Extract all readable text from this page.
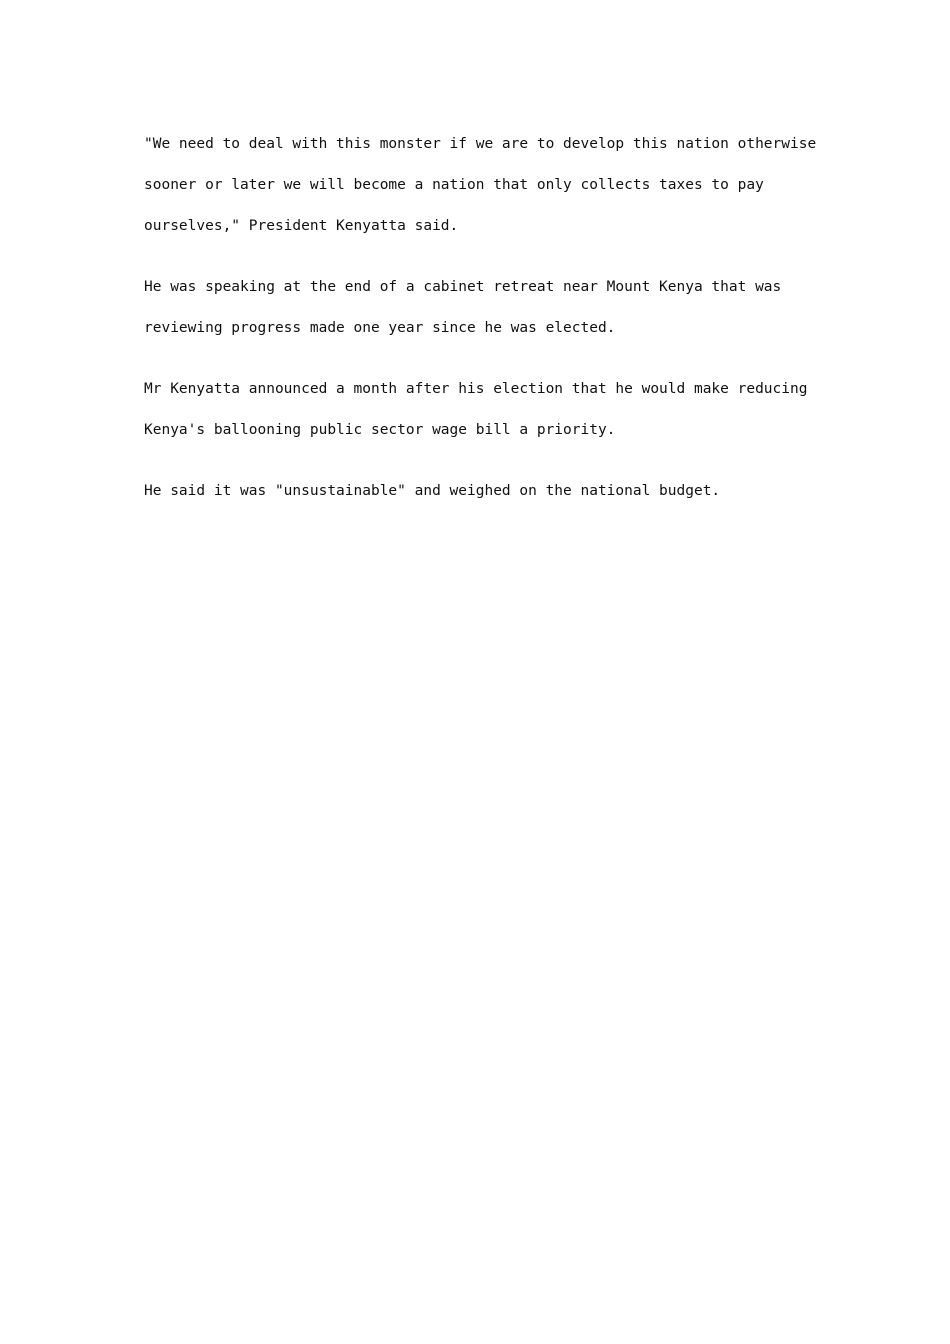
"We need to deal with this monster if we are to develop this nation otherwise
sooner or later we will become a nation that only collects taxes to pay
ourselves," President Kenyatta said.

He was speaking at the end of a cabinet retreat near Mount Kenya that was
reviewing progress made one year since he was elected.

Mr Kenyatta announced a month after his election that he would make reducing
Kenya's ballooning public sector wage bill a priority.

He said it was "unsustainable" and weighed on the national budget.
